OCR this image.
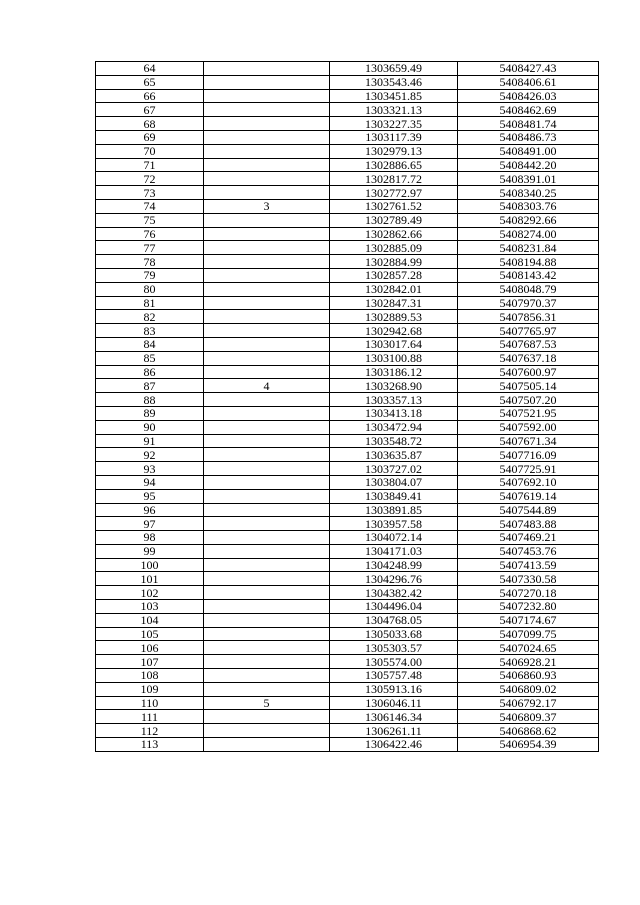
64		1303659.49	5408427.43
65		1303543.46	5408406.61
66		1303451.85	5408426.03
67		1303321.13	5408462.69
68		1303227.35	5408481.74
69		1303117.39	5408486.73
70		1302979.13	5408491.00
71		1302886.65	5408442.20
72		1302817.72	5408391.01
73		1302772.97	5408340.25
74	3	1302761.52	5408303.76
75		1302789.49	5408292.66
76		1302862.66	5408274.00
77		1302885.09	5408231.84
78		1302884.99	5408194.88
79		1302857.28	5408143.42
80		1302842.01	5408048.79
81		1302847.31	5407970.37
82		1302889.53	5407856.31
83		1302942.68	5407765.97
84		1303017.64	5407687.53
85		1303100.88	5407637.18
86		1303186.12	5407600.97
87	4	1303268.90	5407505.14
88		1303357.13	5407507.20
89		1303413.18	5407521.95
90		1303472.94	5407592.00
91		1303548.72	5407671.34
92		1303635.87	5407716.09
93		1303727.02	5407725.91
94		1303804.07	5407692.10
95		1303849.41	5407619.14
96		1303891.85	5407544.89
97		1303957.58	5407483.88
98		1304072.14	5407469.21
99		1304171.03	5407453.76
100		1304248.99	5407413.59
101		1304296.76	5407330.58
102		1304382.42	5407270.18
103		1304496.04	5407232.80
104		1304768.05	5407174.67
105		1305033.68	5407099.75
106		1305303.57	5407024.65
107		1305574.00	5406928.21
108		1305757.48	5406860.93
109		1305913.16	5406809.02
110	5	1306046.11	5406792.17
111		1306146.34	5406809.37
112		1306261.11	5406868.62
113		1306422.46	5406954.39
